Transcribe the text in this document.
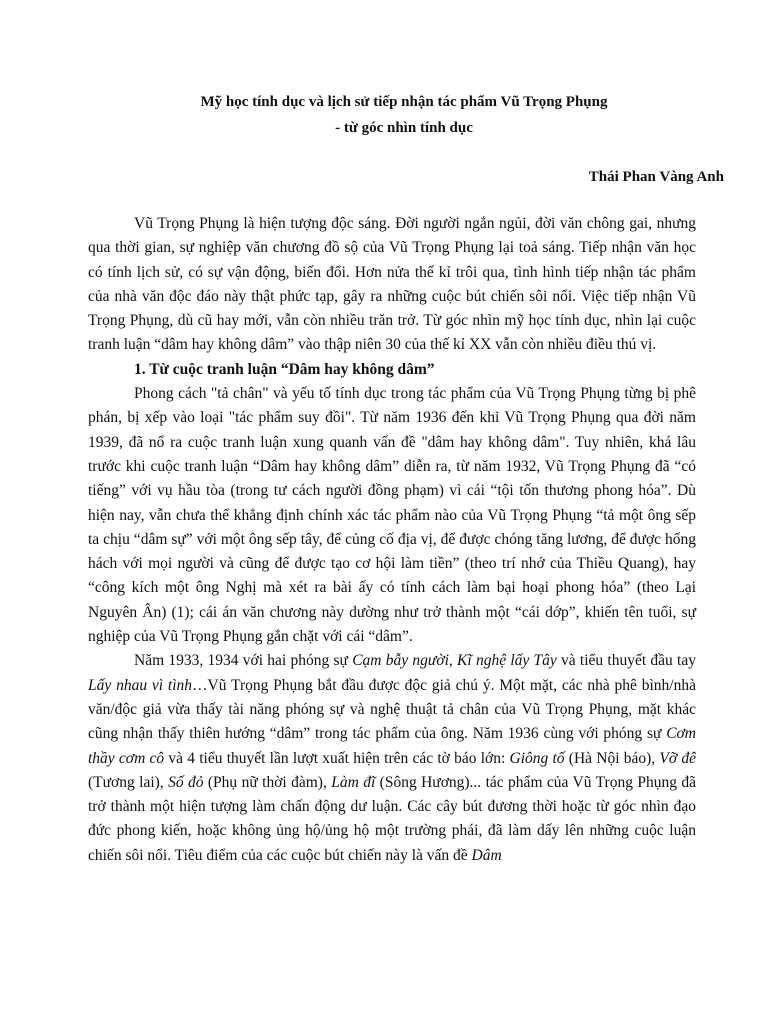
Mỹ học tính dục và lịch sử tiếp nhận tác phẩm Vũ Trọng Phụng
- từ góc nhìn tính dục
Thái Phan Vàng Anh

Vũ Trọng Phụng là hiện tượng độc sáng. Đời người ngắn ngủi, đời văn chông gai, nhưng qua thời gian, sự nghiệp văn chương đồ sộ của Vũ Trọng Phụng lại toả sáng. Tiếp nhận văn học có tính lịch sử, có sự vận động, biến đổi. Hơn nửa thế kỉ trôi qua, tình hình tiếp nhận tác phẩm của nhà văn độc đáo này thật phức tạp, gây ra những cuộc bút chiến sôi nổi. Việc tiếp nhận Vũ Trọng Phụng, dù cũ hay mới, vẫn còn nhiều trăn trở. Từ góc nhìn mỹ học tính dục, nhìn lại cuộc tranh luận “dâm hay không dâm” vào thập niên 30 của thế kỉ XX vẫn còn nhiều điều thú vị.

1. Từ cuộc tranh luận “Dâm hay không dâm”

Phong cách "tả chân" và yếu tố tính dục trong tác phẩm của Vũ Trọng Phụng từng bị phê phán, bị xếp vào loại "tác phẩm suy đồi". Từ năm 1936 đến khi Vũ Trọng Phụng qua đời năm 1939, đã nổ ra cuộc tranh luận xung quanh vấn đề "dâm hay không dâm". Tuy nhiên, khá lâu trước khi cuộc tranh luận “Dâm hay không dâm” diễn ra, từ năm 1932, Vũ Trọng Phụng đã “có tiếng” với vụ hầu tòa (trong tư cách người đồng phạm) vì cái “tội tốn thương phong hóa”. Dù hiện nay, vẫn chưa thể khẳng định chính xác tác phẩm nào của Vũ Trọng Phụng “tả một ông sếp ta chịu “dâm sự” với một ông sếp tây, để củng cố địa vị, để được chóng tăng lương, để được hống hách với mọi người và cũng để được tạo cơ hội làm tiền” (theo trí nhớ của Thiều Quang), hay “công kích một ông Nghị mà xét ra bài ấy có tính cách làm bại hoại phong hóa” (theo Lại Nguyên Ân) (1); cái án văn chương này dường như trở thành một “cái dớp”, khiến tên tuổi, sự nghiệp của Vũ Trọng Phụng gắn chặt với cái “dâm”.

Năm 1933, 1934 với hai phóng sự Cạm bẫy người, Kĩ nghệ lấy Tây và tiểu thuyết đầu tay Lấy nhau vì tình…Vũ Trọng Phụng bắt đầu được độc giả chú ý. Một mặt, các nhà phê bình/nhà văn/độc giả vừa thấy tài năng phóng sự và nghệ thuật tả chân của Vũ Trọng Phụng, mặt khác cũng nhận thấy thiên hướng “dâm” trong tác phẩm của ông. Năm 1936 cùng với phóng sự Cơm thầy cơm cô và 4 tiểu thuyết lần lượt xuất hiện trên các tờ báo lớn: Giông tố (Hà Nội báo), Vỡ đê (Tương lai), Số đỏ (Phụ nữ thời đàm), Làm đĩ (Sông Hương)... tác phẩm của Vũ Trọng Phụng đã trở thành một hiện tượng làm chấn động dư luận. Các cây bút đương thời hoặc từ góc nhìn đạo đức phong kiến, hoặc không ủng hộ/ủng hộ một trường phái, đã làm dấy lên những cuộc luận chiến sôi nổi. Tiêu điểm của các cuộc bút chiến này là vấn đề Dâm
